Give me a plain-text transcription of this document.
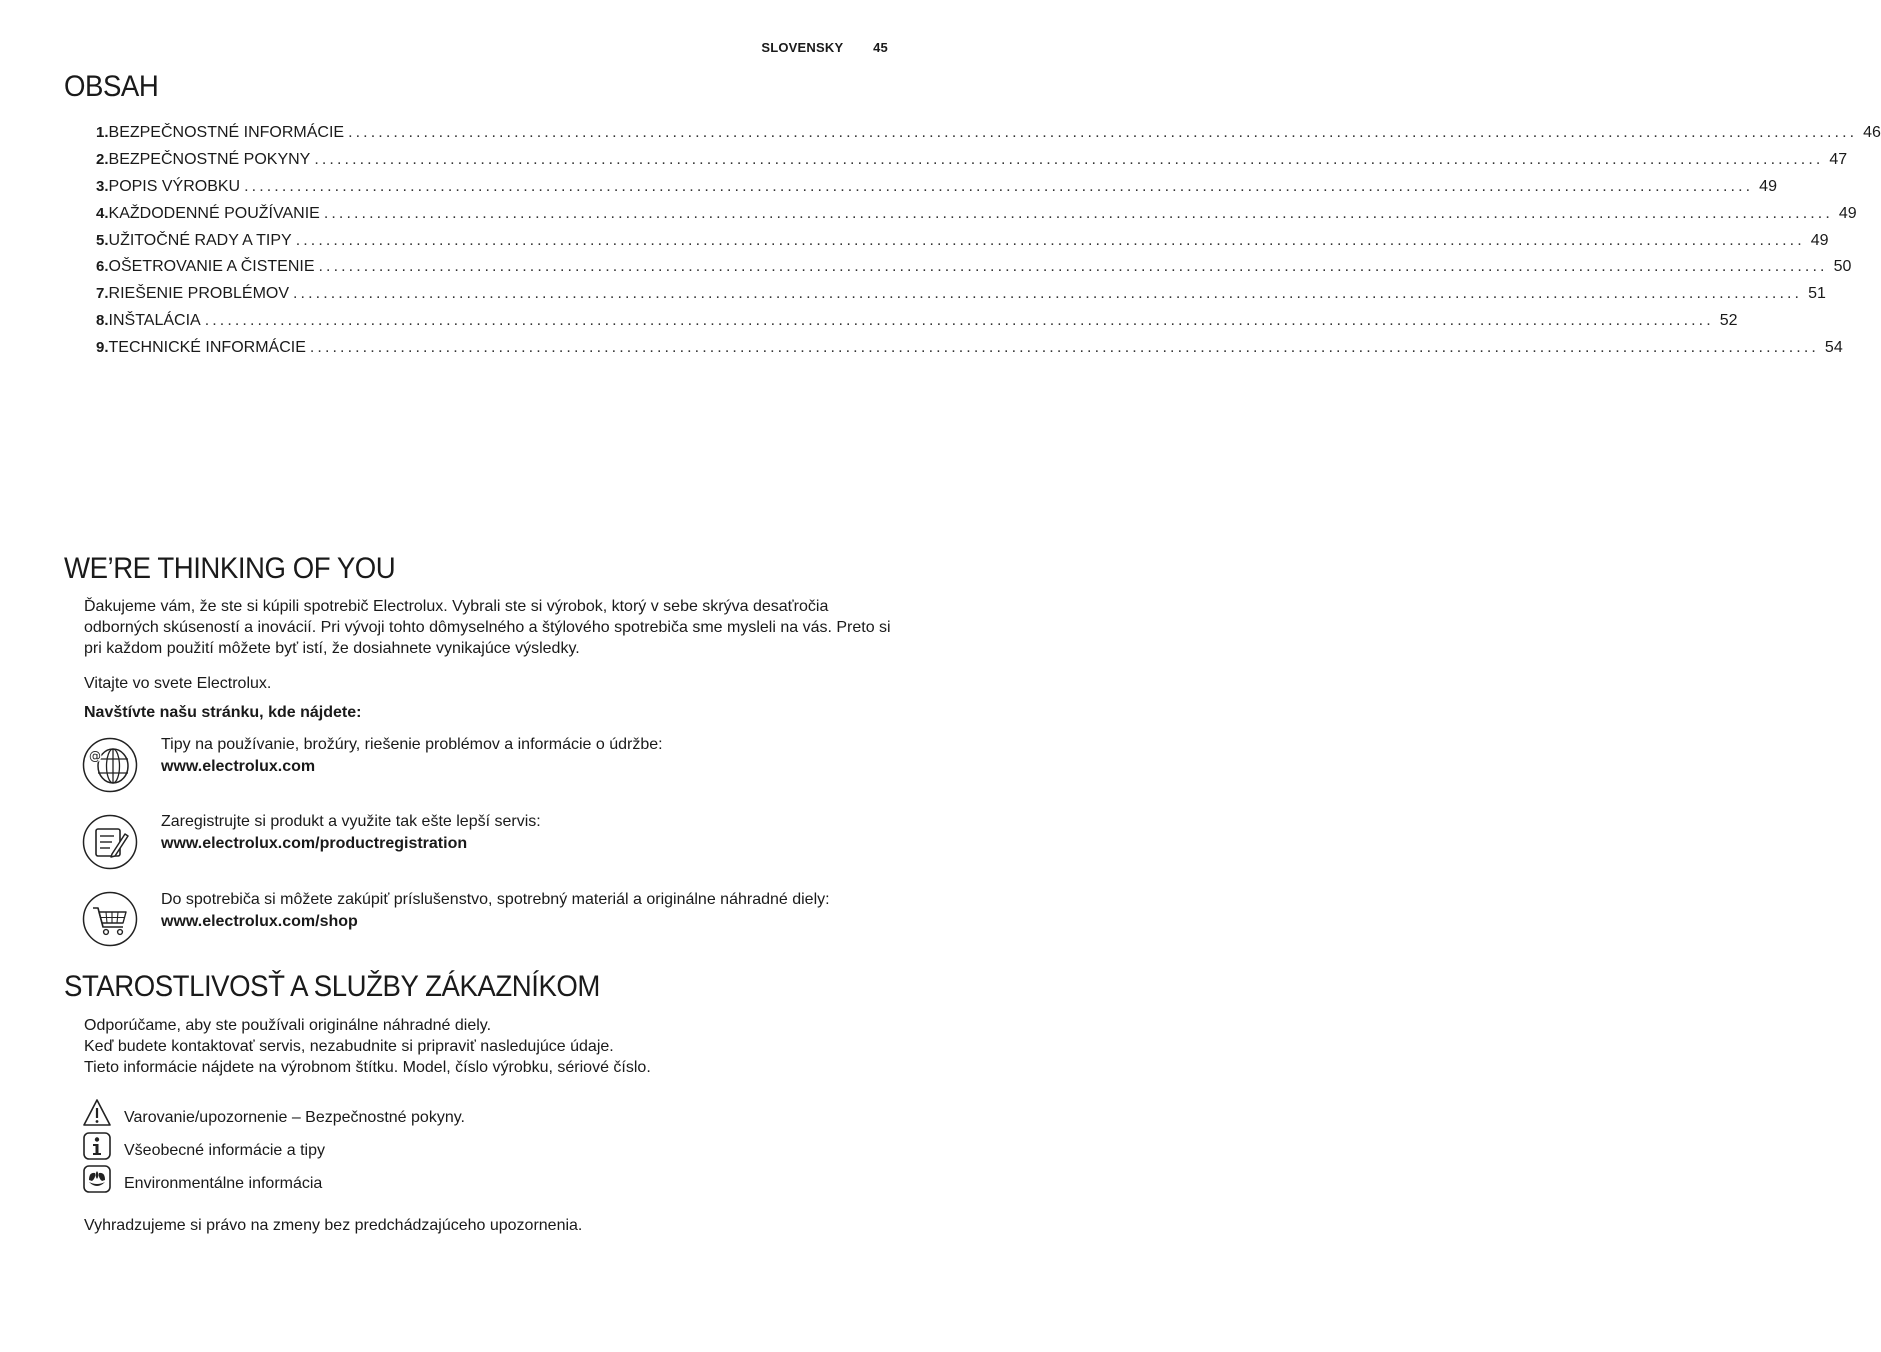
SLOVENSKY 45
OBSAH
1. BEZPEČNOSTNÉ INFORMÁCIE ........................................................................................................................................................................................................ 46
2. BEZPEČNOSTNÉ POKYNY ........................................................................................................................................................................................................ 47
3. POPIS VÝROBKU ........................................................................................................................................................................................................ 49
4. KAŽDODENNÉ POUŽÍVANIE ........................................................................................................................................................................................................ 49
5. UŽITOČNÉ RADY A TIPY ........................................................................................................................................................................................................ 49
6. OŠETROVANIE A ČISTENIE ........................................................................................................................................................................................................ 50
7. RIEŠENIE PROBLÉMOV ........................................................................................................................................................................................................ 51
8. INŠTALÁCIA ........................................................................................................................................................................................................ 52
9. TECHNICKÉ INFORMÁCIE ........................................................................................................................................................................................................ 54
WE’RE THINKING OF YOU

Ďakujeme vám, že ste si kúpili spotrebič Electrolux. Vybrali ste si výrobok, ktorý v sebe skrýva desaťročia odborných skúseností a inovácií. Pri vývoji tohto dômyselného a štýlového spotrebiča sme mysleli na vás. Preto si pri každom použití môžete byť istí, že dosiahnete vynikajúce výsledky.

Vitajte vo svete Electrolux.

Navštívte našu stránku, kde nájdete:

@
Tipy na používanie, brožúry, riešenie problémov a informácie o údržbe:
www.electrolux.com
Zaregistrujte si produkt a využite tak ešte lepší servis:
www.electrolux.com/productregistration
Do spotrebiča si môžete zakúpiť príslušenstvo, spotrebný materiál a originálne náhradné diely:
www.electrolux.com/shop
STAROSTLIVOSŤ A SLUŽBY ZÁKAZNÍKOM

Odporúčame, aby ste používali originálne náhradné diely.

Keď budete kontaktovať servis, nezabudnite si pripraviť nasledujúce údaje.

Tieto informácie nájdete na výrobnom štítku. Model, číslo výrobku, sériové číslo.

Varovanie/upozornenie – Bezpečnostné pokyny.
Všeobecné informácie a tipy
Environmentálne informácia

Vyhradzujeme si právo na zmeny bez predchádzajúceho upozornenia.
